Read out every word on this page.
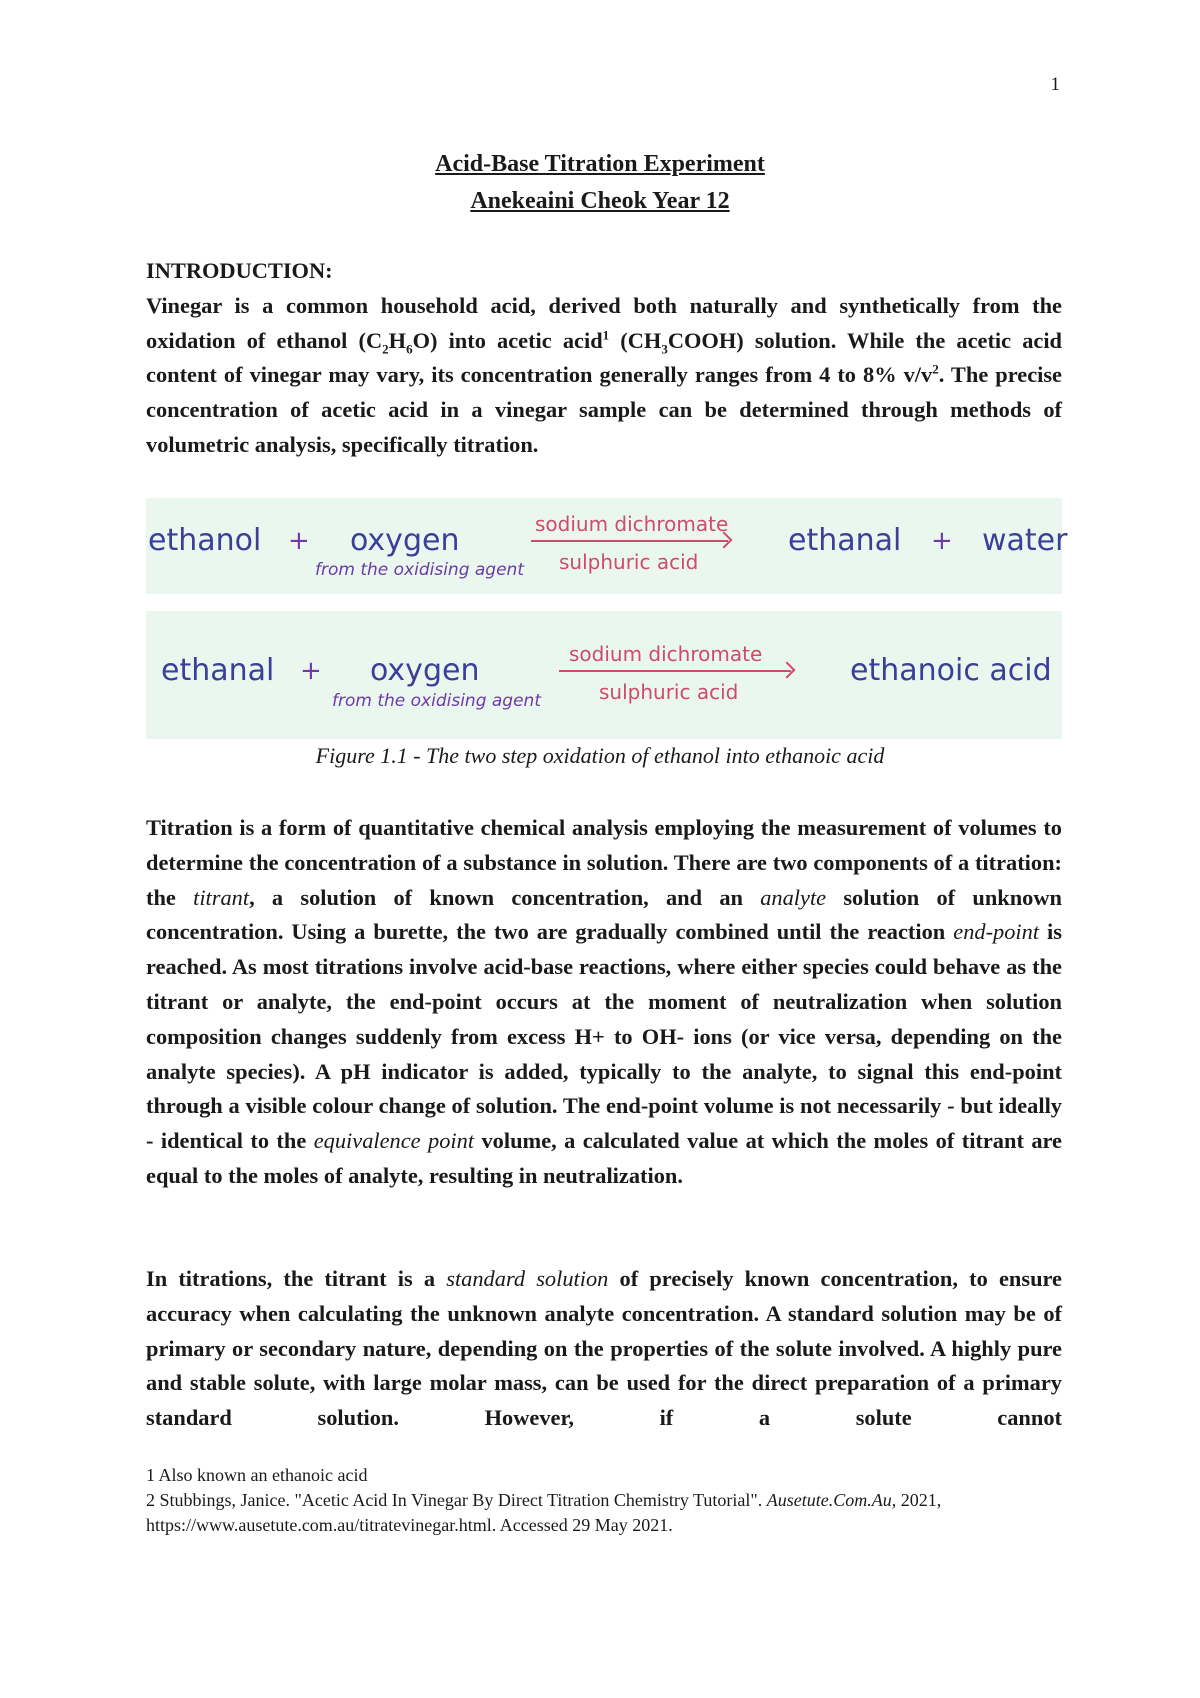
1
Acid-Base Titration Experiment
Anekeaini Cheok Year 12
INTRODUCTION:

Vinegar is a common household acid, derived both naturally and synthetically from the oxidation of ethanol $(C_2H_6O)$ into acetic acid$^1$ $(CH_3COOH)$ solution. While the acetic acid content of vinegar may vary, its concentration generally ranges from 4 to 8% $v/v^2$. The precise concentration of acetic acid in a vinegar sample can be determined through methods of volumetric analysis, specifically titration.

ethanol + oxygen
from the oxidising agent
sodium dichromate
sulphuric acid
ethanal + water
ethanal + oxygen
from the oxidising agent
sodium dichromate
sulphuric acid
ethanoic acid
Figure 1.1 - The two step oxidation of ethanol into ethanoic acid

Titration is a form of quantitative chemical analysis employing the measurement of volumes to determine the concentration of a substance in solution. There are two components of a titration: the titrant, a solution of known concentration, and an analyte solution of unknown concentration. Using a burette, the two are gradually combined until the reaction end-point is reached. As most titrations involve acid-base reactions, where either species could behave as the titrant or analyte, the end-point occurs at the moment of neutralization when solution composition changes suddenly from excess H+ to OH- ions (or vice versa, depending on the analyte species). A pH indicator is added, typically to the analyte, to signal this end-point through a visible colour change of solution. The end-point volume is not necessarily - but ideally - identical to the equivalence point volume, a calculated value at which the moles of titrant are equal to the moles of analyte, resulting in neutralization.

In titrations, the titrant is a standard solution of precisely known concentration, to ensure accuracy when calculating the unknown analyte concentration. A standard solution may be of primary or secondary nature, depending on the properties of the solute involved. A highly pure and stable solute, with large molar mass, can be used for the direct preparation of a primary standard solution. However, if a solute cannot

1 Also known an ethanoic acid
2 Stubbings, Janice. "Acetic Acid In Vinegar By Direct Titration Chemistry Tutorial". Ausetute.Com.Au, 2021, https://www.ausetute.com.au/titratevinegar.html. Accessed 29 May 2021.
